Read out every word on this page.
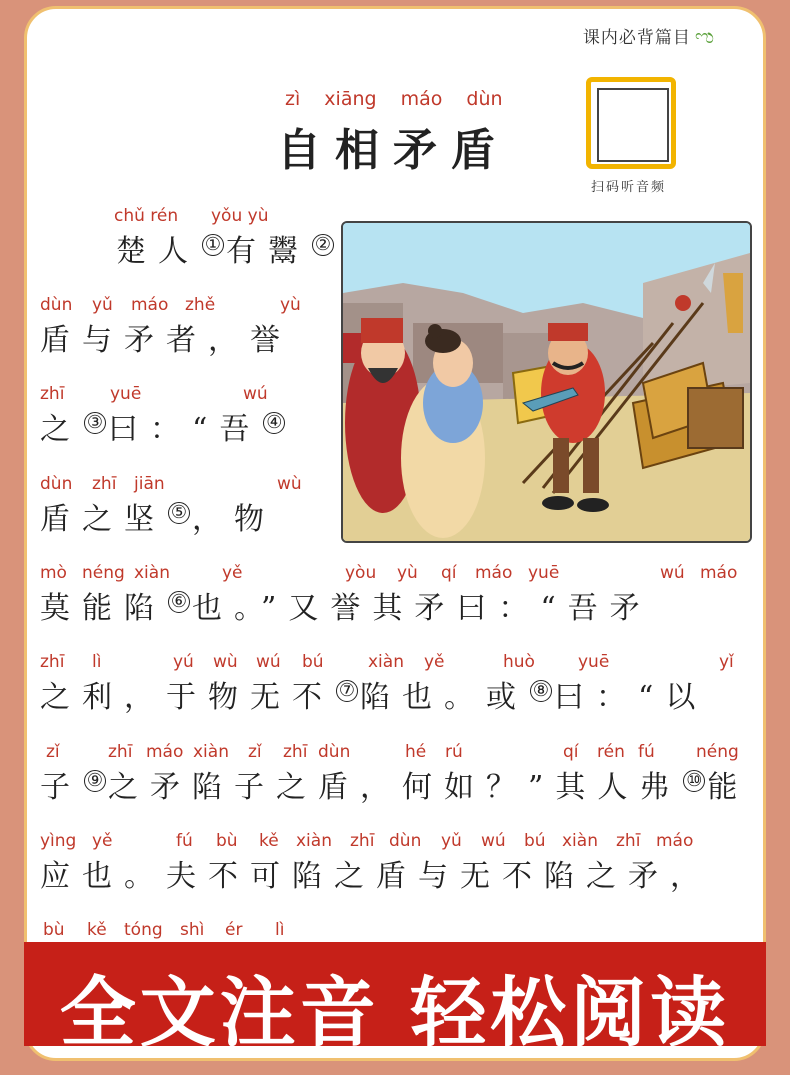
课内必背篇目 ಌ
zì xiāng máo dùn
自相矛盾
扫码听音频
chǔ rén yǒu yù
楚人 ① 有鬻 ②
dùn yǔ máo zhě	yù
盾与矛者，誉
zhī	yuē	wú
之 ③ 曰：“吾 ④
dùn zhī jiān	wù
盾之坚 ⑤ ，物
mò néng xiàn	yě	yòu yù qí máo yuē	wú máo
莫能陷 ⑥ 也。”又誉其矛曰：“吾矛
zhī lì	yú wù wú bú	xiàn yě	huò	yuē	yǐ
之利，于物无不 ⑦ 陷也。或 ⑧ 曰：“以
zǐ	zhī máo xiàn zǐ zhī dùn	hé rú	qí rén fú néng
子 ⑨ 之矛陷子之盾，何如？”其人弗 ⑩ 能
yìng yě	fú bù kě xiàn zhī dùn yǔ wú bú xiàn zhī máo
应也。夫不可陷之盾与无不陷之矛，
bù kě tóng shì ér lì
全文注音 轻松阅读
